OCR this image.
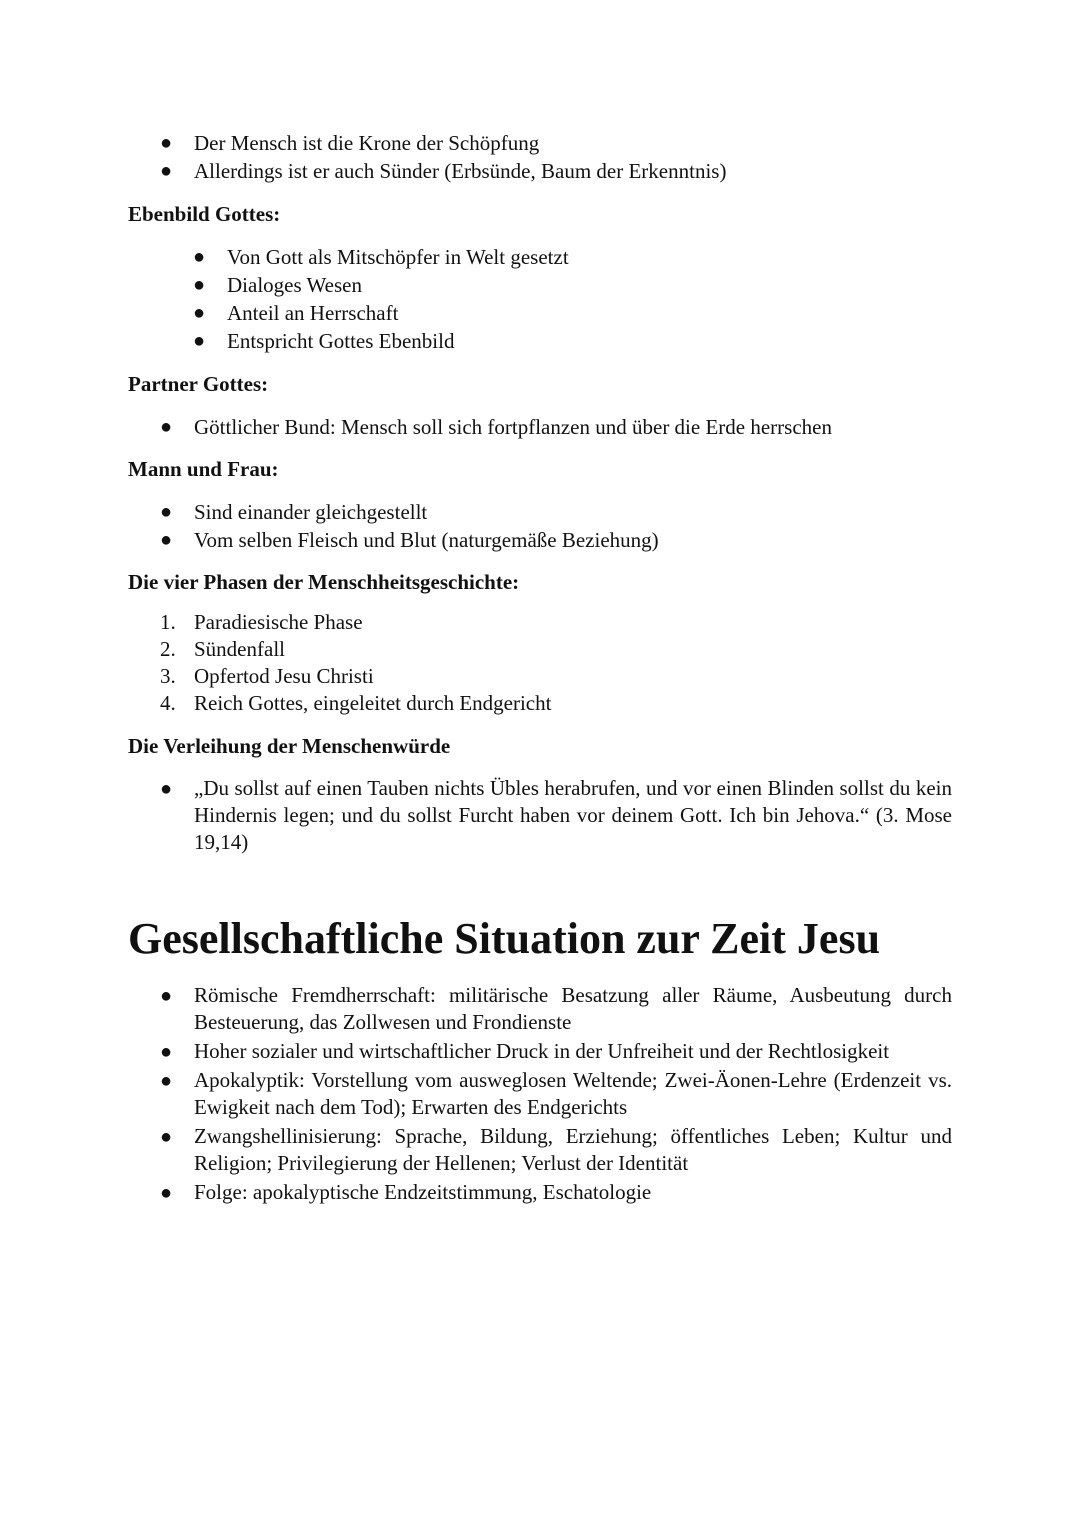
● Der Mensch ist die Krone der Schöpfung
● Allerdings ist er auch Sünder (Erbsünde, Baum der Erkenntnis)
Ebenbild Gottes:
● Von Gott als Mitschöpfer in Welt gesetzt
● Dialoges Wesen
● Anteil an Herrschaft
● Entspricht Gottes Ebenbild
Partner Gottes:
● Göttlicher Bund: Mensch soll sich fortpflanzen und über die Erde herrschen
Mann und Frau:
● Sind einander gleichgestellt
● Vom selben Fleisch und Blut (naturgemäße Beziehung)
Die vier Phasen der Menschheitsgeschichte:
1. Paradiesische Phase
2. Sündenfall
3. Opfertod Jesu Christi
4. Reich Gottes, eingeleitet durch Endgericht
Die Verleihung der Menschenwürde
● „Du sollst auf einen Tauben nichts Übles herabrufen, und vor einen Blinden sollst du kein Hindernis legen; und du sollst Furcht haben vor deinem Gott. Ich bin Jehova.“ (3. Mose 19,14)
Gesellschaftliche Situation zur Zeit Jesu
● Römische Fremdherrschaft: militärische Besatzung aller Räume, Ausbeutung durch Besteuerung, das Zollwesen und Frondienste
● Hoher sozialer und wirtschaftlicher Druck in der Unfreiheit und der Rechtlosigkeit
● Apokalyptik: Vorstellung vom ausweglosen Weltende; Zwei-Äonen-Lehre (Erdenzeit vs. Ewigkeit nach dem Tod); Erwarten des Endgerichts
● Zwangshellinisierung: Sprache, Bildung, Erziehung; öffentliches Leben; Kultur und Religion; Privilegierung der Hellenen; Verlust der Identität
● Folge: apokalyptische Endzeitstimmung, Eschatologie
